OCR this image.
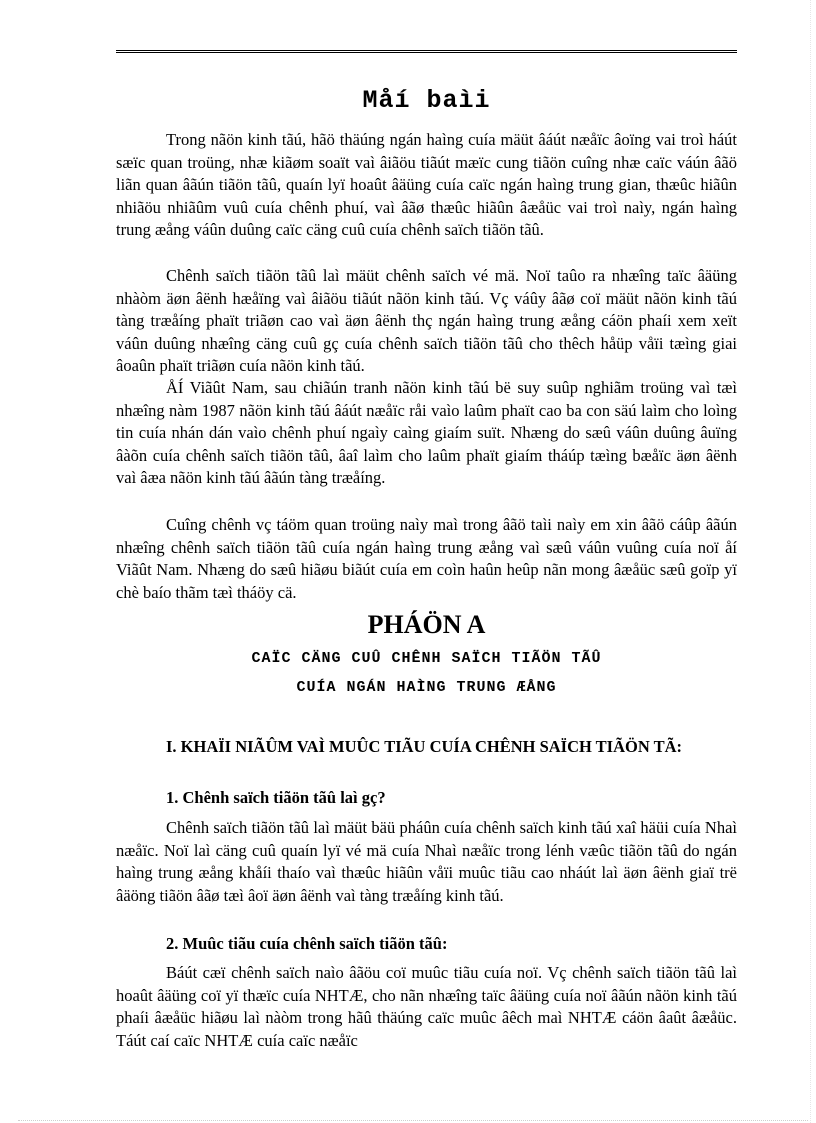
Måí baìi

Trong nãön kinh tãú, hãö thäúng ngán haìng cuía mäüt âáút næåïc âoïng vai troì háút sæïc quan troüng, nhæ kiãøm soaït vaì âiãöu tiãút mæïc cung tiãön cuîng nhæ caïc váún âãö liãn quan âãún tiãön tãû, quaín lyï hoaût âäüng cuía caïc ngán haìng trung gian, thæûc hiãûn nhiãöu nhiãûm vuû cuía chênh phuí, vaì âãø thæûc hiãûn âæåüc vai troì naìy, ngán haìng trung æång váûn duûng caïc cäng cuû cuía chênh saïch tiãön tãû.

Chênh saïch tiãön tãû laì mäüt chênh saïch vé mä. Noï taûo ra nhæîng taïc âäüng nhàòm äøn âënh hæåïng vaì âiãöu tiãút nãön kinh tãú. Vç váûy âãø coï mäüt nãön kinh tãú tàng træåíng phaït triãøn cao vaì äøn âënh thç ngán haìng trung æång cáön phaíi xem xeït váûn duûng nhæîng cäng cuû gç cuía chênh saïch tiãön tãû cho thêch håüp våïi tæìng giai âoaûn phaït triãøn cuía nãön kinh tãú.

ÅÍ Viãût Nam, sau chiãún tranh nãön kinh tãú bë suy suûp nghiãm troüng vaì tæì nhæîng nàm 1987 nãön kinh tãú âáút næåïc råi vaìo laûm phaït cao ba con säú laìm cho loìng tin cuía nhán dán vaìo chênh phuí ngaìy caìng giaím suït. Nhæng do sæû váûn duûng âuïng âàõn cuía chênh saïch tiãön tãû, âaî laìm cho laûm phaït giaím tháúp tæìng bæåïc äøn âënh vaì âæa nãön kinh tãú âãún tàng træåíng.

Cuîng chênh vç táöm quan troüng naìy maì trong âãö taìi naìy em xin âãö cáûp âãún nhæîng chênh saïch tiãön tãû cuía ngán haìng trung æång vaì sæû váûn vuûng cuía noï åí Viãût Nam. Nhæng do sæû hiãøu biãút cuía em coìn haûn heûp nãn mong âæåüc sæû goïp yï chè baío thãm tæì tháöy cä.

PHÁÖN A
CAÏC CÄNG CUÛ CHÊNH SAÏCH TIÃÖN TÃÛ
CUÍA NGÁN HAÌNG TRUNG ÆÅNG

I. KHAÏI NIÃÛM VAÌ MUÛC TIÃU CUÍA CHÊNH SAÏCH TIÃÖN TÃ:

1. Chênh saïch tiãön tãû laì gç?

Chênh saïch tiãön tãû laì mäüt bäü pháûn cuía chênh saïch kinh tãú xaî häüi cuía Nhaì næåïc. Noï laì cäng cuû quaín lyï vé mä cuía Nhaì næåïc trong lénh væûc tiãön tãû do ngán haìng trung æång khåíi thaío vaì thæûc hiãûn våïi muûc tiãu cao nháút laì äøn âënh giaï trë âäöng tiãön âãø tæì âoï äøn âënh vaì tàng træåíng kinh tãú.

2. Muûc tiãu cuía chênh saïch tiãön tãû:

Báút cæï chênh saïch naìo âãöu coï muûc tiãu cuía noï. Vç chênh saïch tiãön tãû laì hoaût âäüng coï yï thæïc cuía NHTÆ, cho nãn nhæîng taïc âäüng cuía noï âãún nãön kinh tãú phaíi âæåüc hiãøu laì nàòm trong hãû thäúng caïc muûc âêch maì NHTÆ cáön âaût âæåüc. Táút caí caïc NHTÆ cuía caïc næåïc
